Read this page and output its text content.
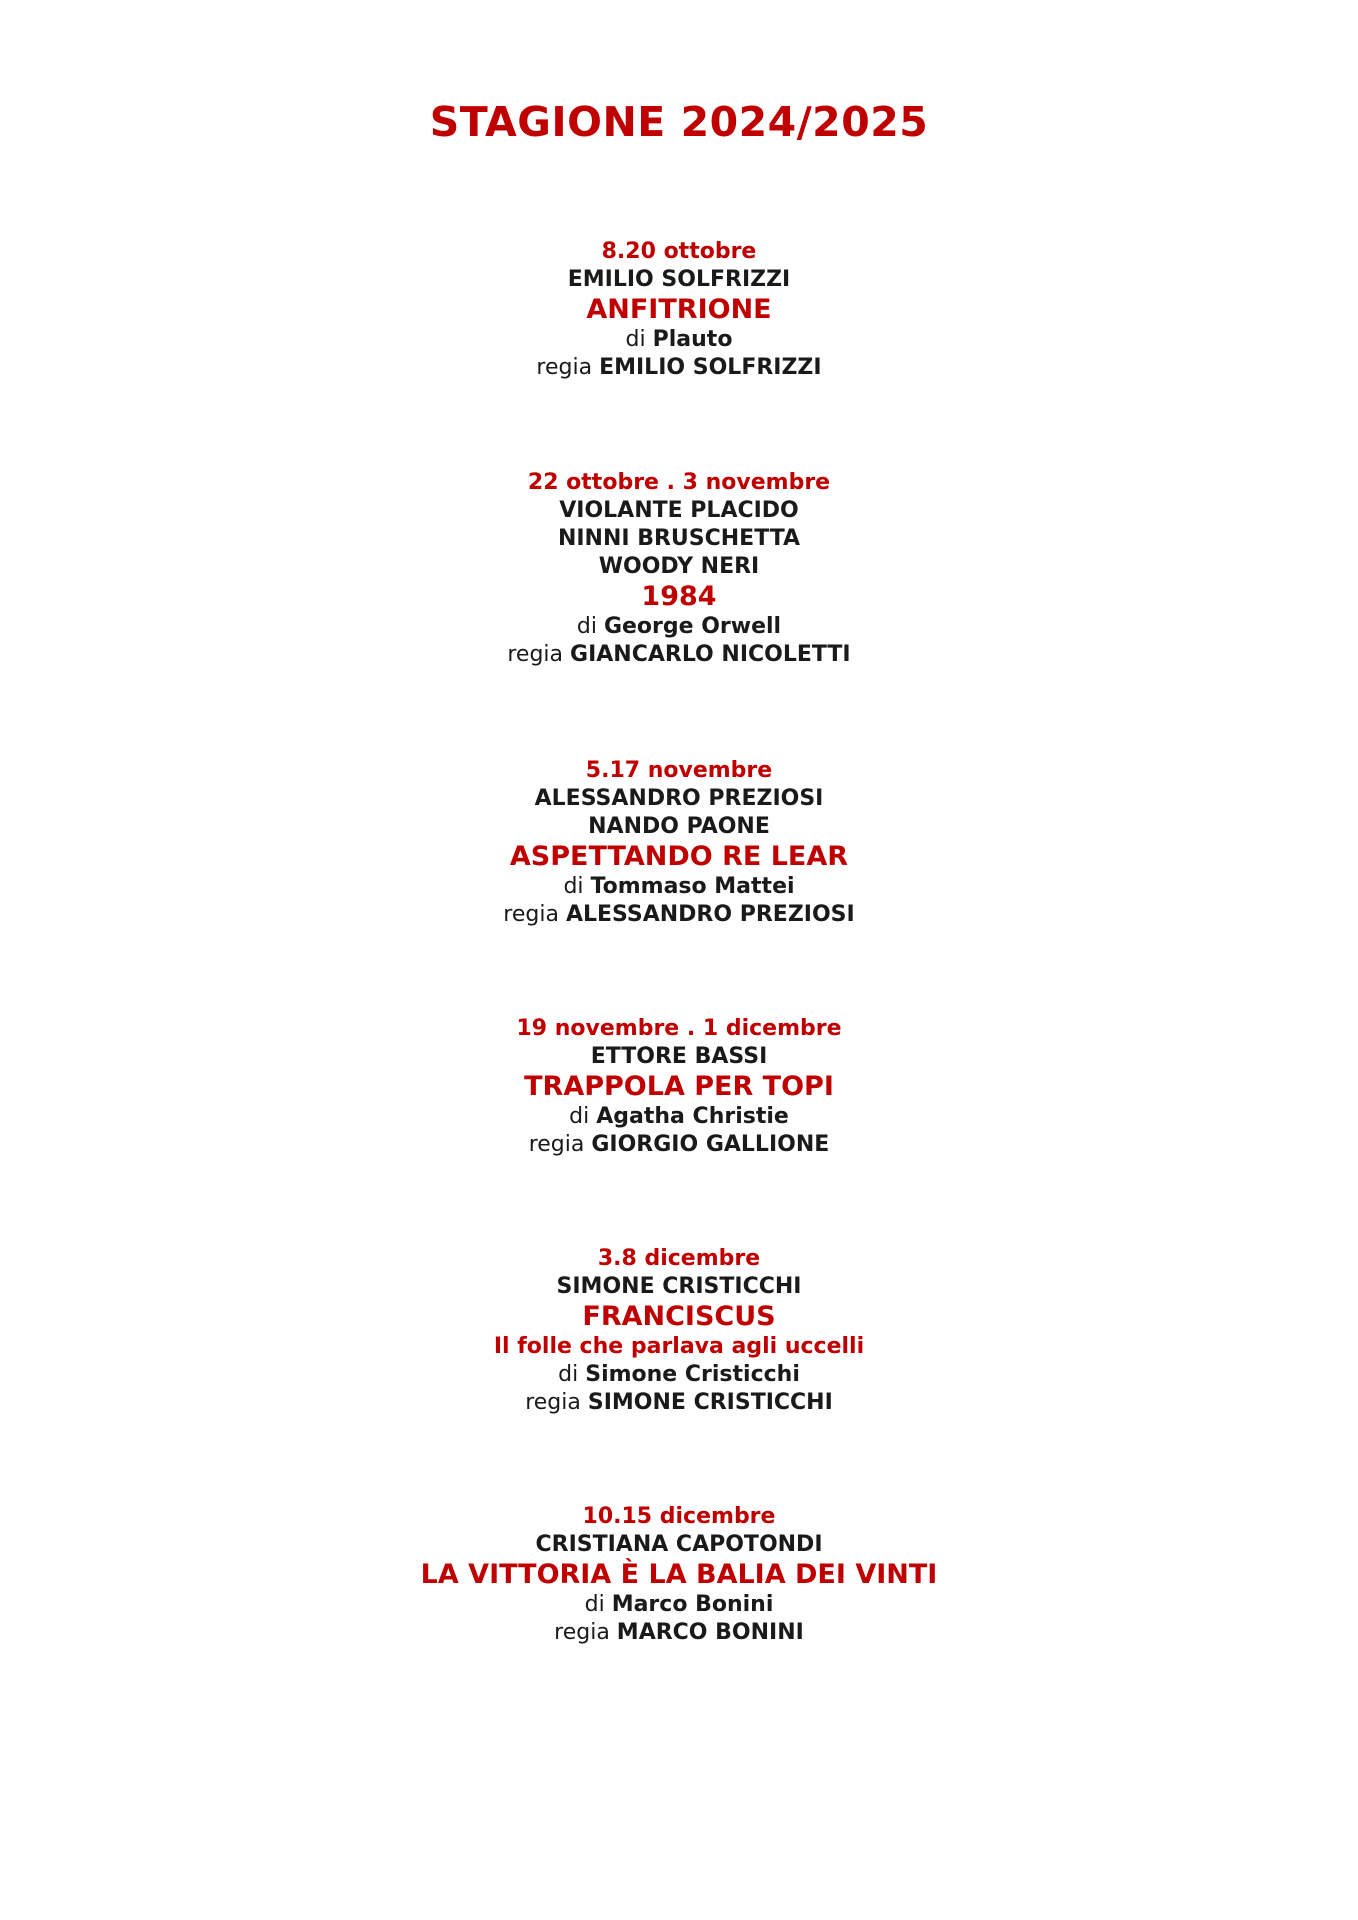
STAGIONE 2024/2025
8.20 ottobre
EMILIO SOLFRIZZI
ANFITRIONE
di Plauto
regia EMILIO SOLFRIZZI
22 ottobre . 3 novembre
VIOLANTE PLACIDO
NINNI BRUSCHETTA
WOODY NERI
1984
di George Orwell
regia GIANCARLO NICOLETTI
5.17 novembre
ALESSANDRO PREZIOSI
NANDO PAONE
ASPETTANDO RE LEAR
di Tommaso Mattei
regia ALESSANDRO PREZIOSI
19 novembre . 1 dicembre
ETTORE BASSI
TRAPPOLA PER TOPI
di Agatha Christie
regia GIORGIO GALLIONE
3.8 dicembre
SIMONE CRISTICCHI
FRANCISCUS
Il folle che parlava agli uccelli
di Simone Cristicchi
regia SIMONE CRISTICCHI
10.15 dicembre
CRISTIANA CAPOTONDI
LA VITTORIA È LA BALIA DEI VINTI
di Marco Bonini
regia MARCO BONINI
